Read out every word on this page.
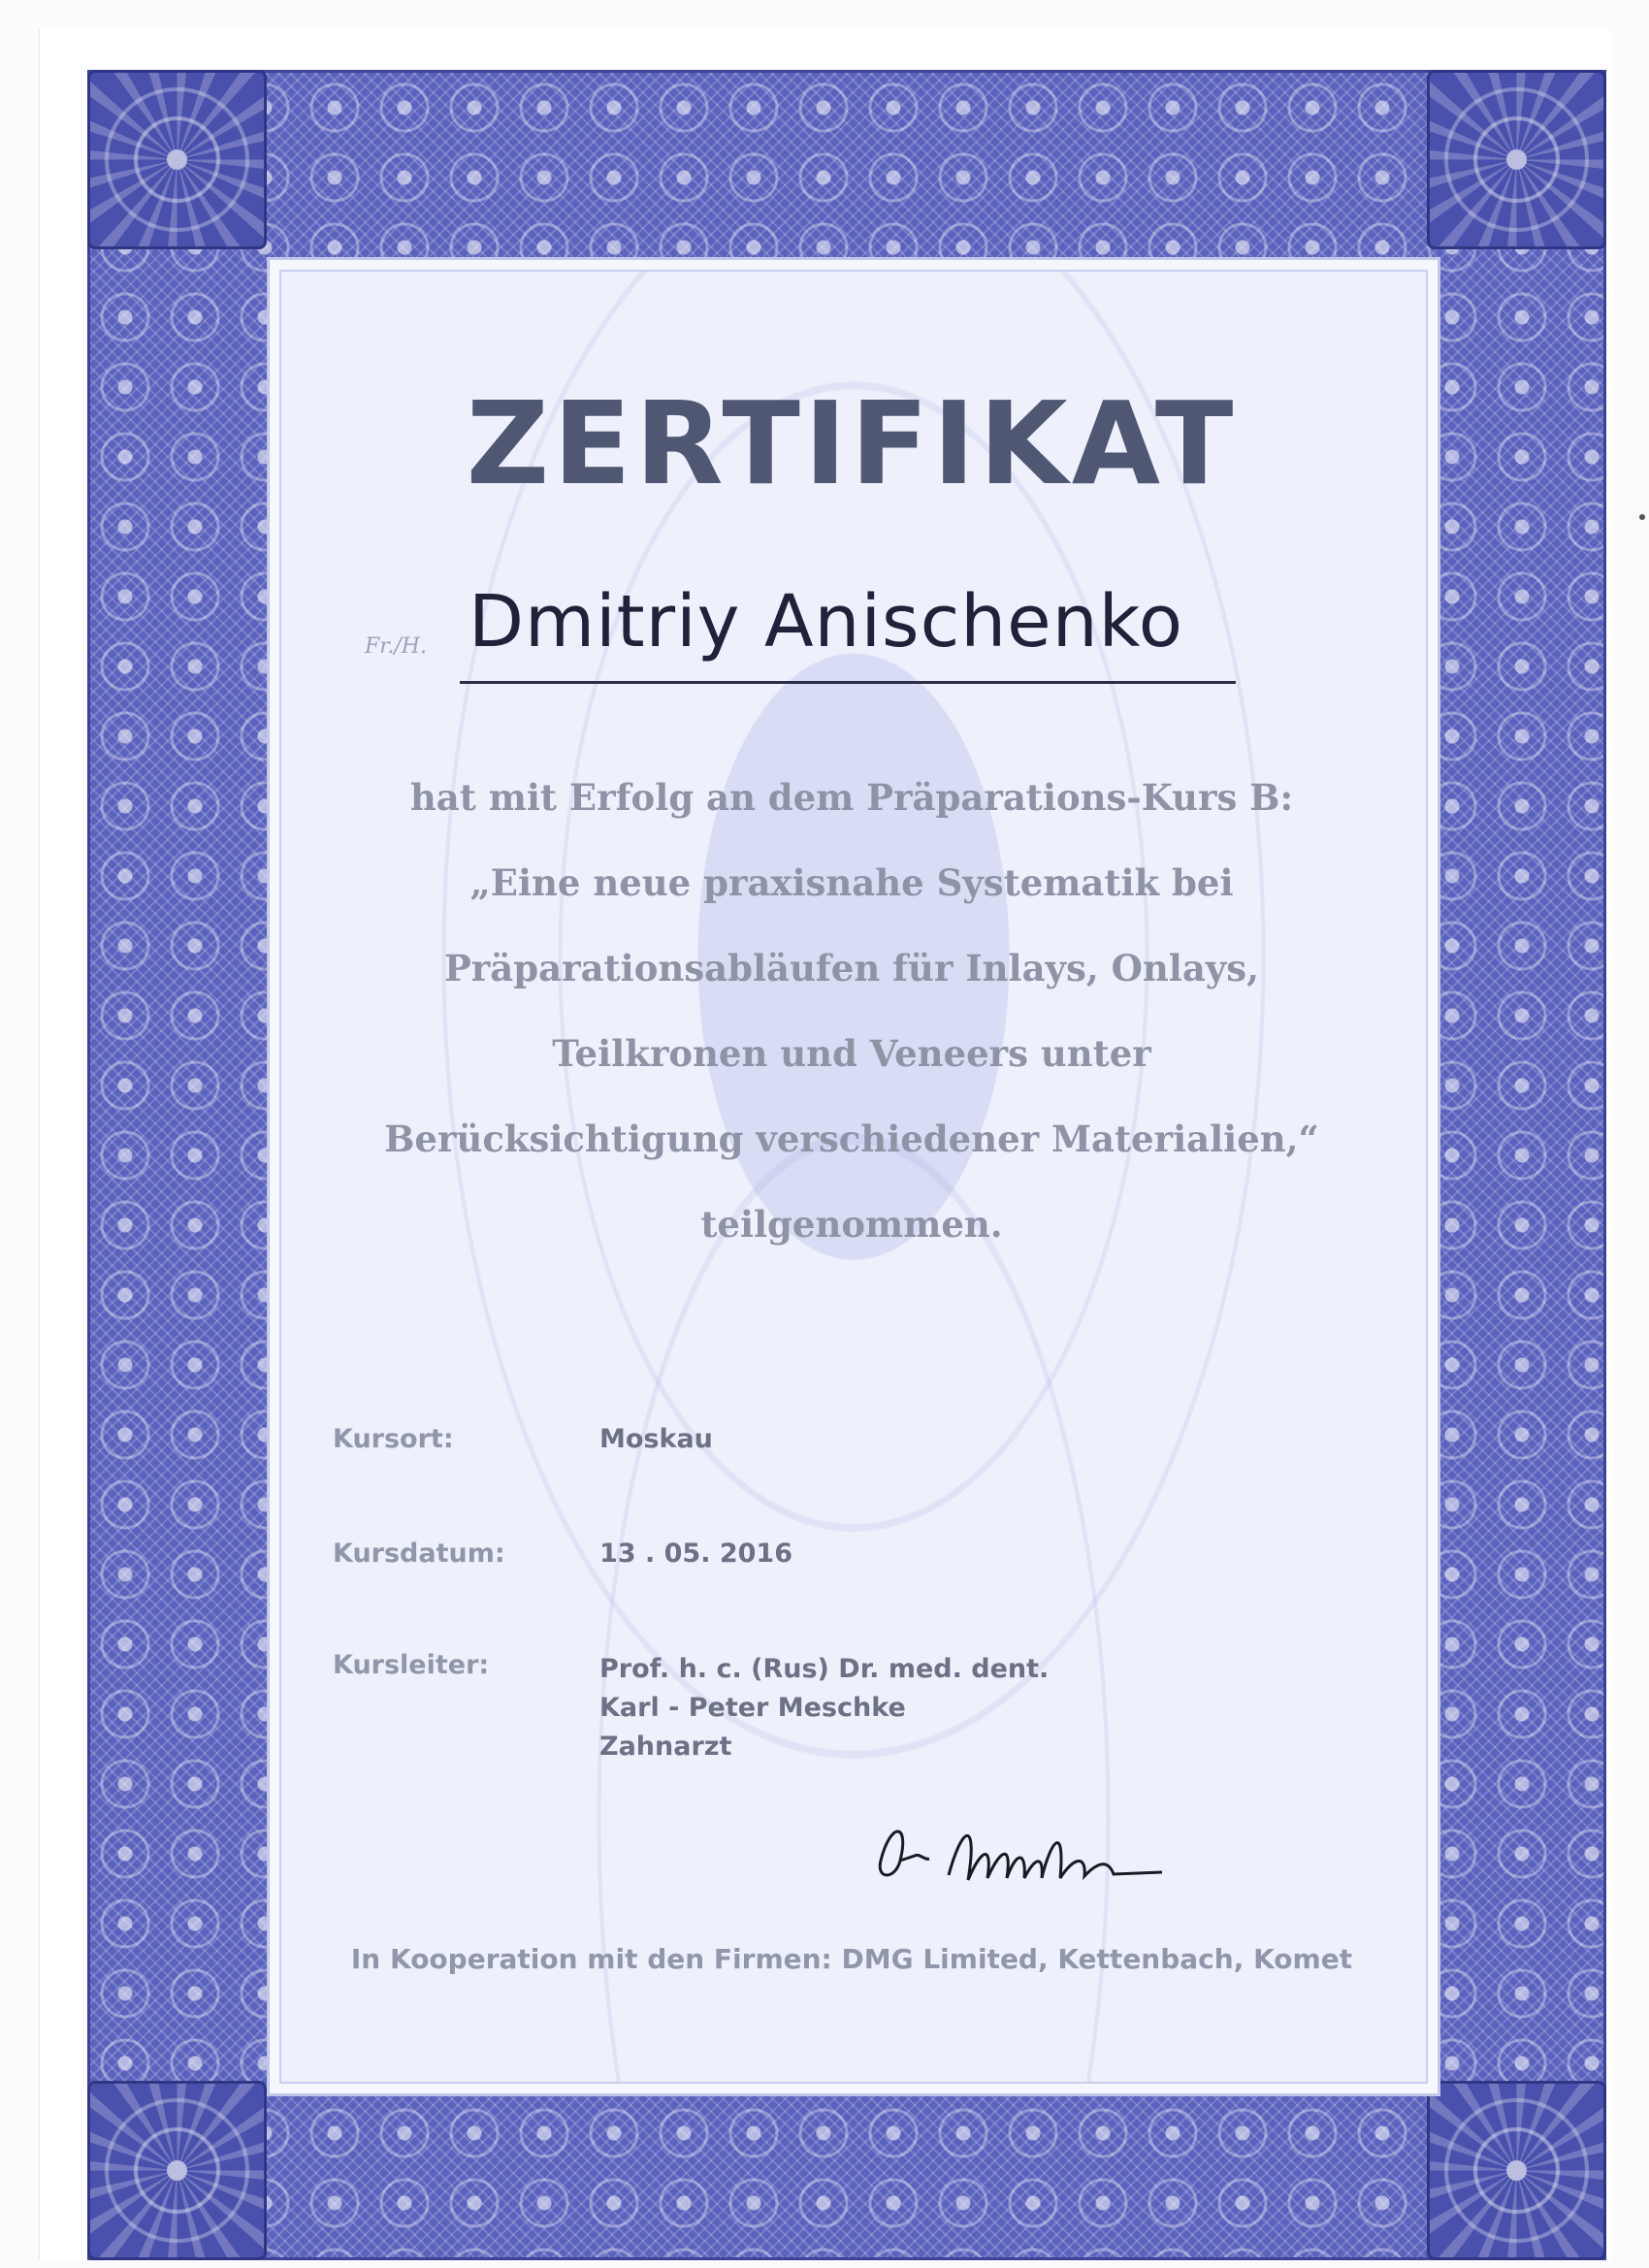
ZERTIFIKAT
Fr./H. Dmitriy Anischenko
hat mit Erfolg an dem Präparations-Kurs B:
„Eine neue praxisnahe Systematik bei
Präparationsabläufen für Inlays, Onlays,
Teilkronen und Veneers unter
Berücksichtigung verschiedener Materialien,“
teilgenommen.
Kursort:	Moskau
Kursdatum:	13 . 05. 2016
Kursleiter:	Prof. h. c. (Rus) Dr. med. dent.
Karl - Peter Meschke
Zahnarzt
In Kooperation mit den Firmen: DMG Limited, Kettenbach, Komet
